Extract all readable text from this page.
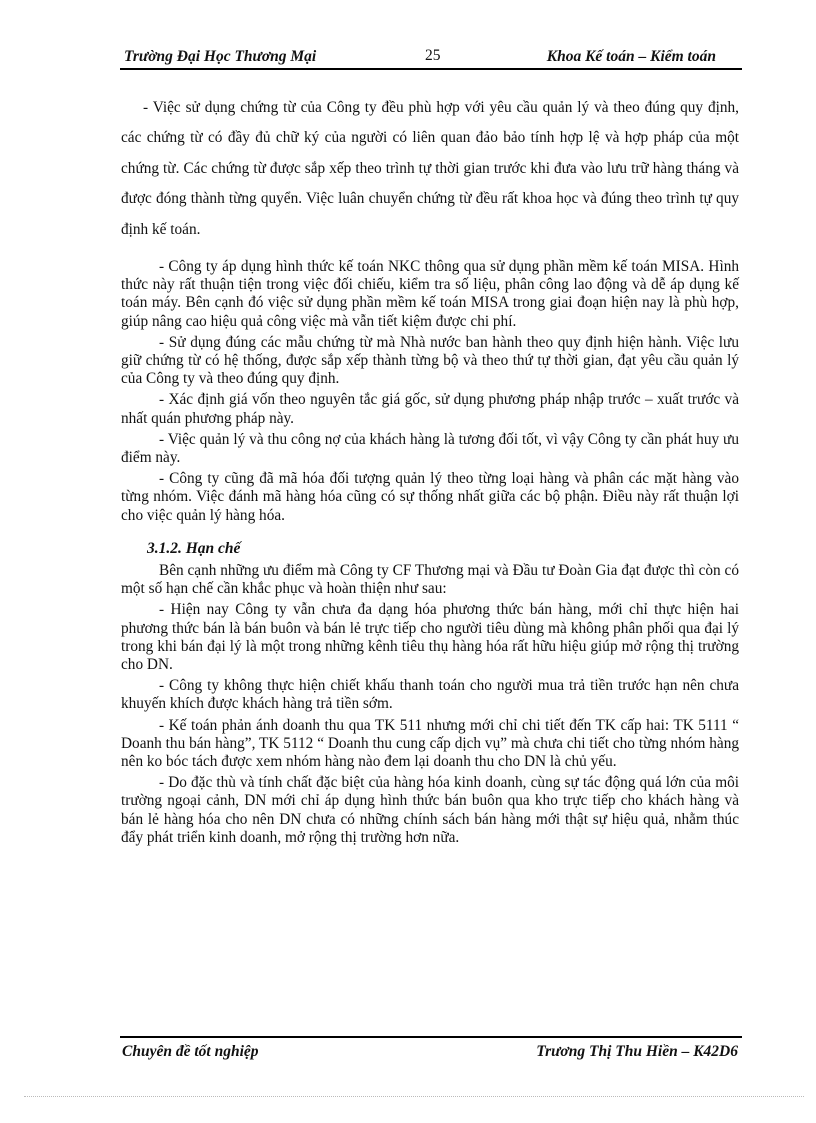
Trường Đại Học Thương Mại	25	Khoa Kế toán – Kiểm toán

- Việc sử dụng chứng từ của Công ty đều phù hợp với yêu cầu quản lý và theo đúng quy định, các chứng từ có đầy đủ chữ ký của người có liên quan đảo bảo tính hợp lệ và hợp pháp của một chứng từ. Các chứng từ được sắp xếp theo trình tự thời gian trước khi đưa vào lưu trữ hàng tháng và được đóng thành từng quyển. Việc luân chuyển chứng từ đều rất khoa học và đúng theo trình tự quy định kế toán.

- Công ty áp dụng hình thức kế toán NKC thông qua sử dụng phần mềm kế toán MISA. Hình thức này rất thuận tiện trong việc đối chiếu, kiểm tra số liệu, phân công lao động và dễ áp dụng kế toán máy. Bên cạnh đó việc sử dụng phần mềm kế toán MISA trong giai đoạn hiện nay là phù hợp, giúp nâng cao hiệu quả công việc mà vẫn tiết kiệm được chi phí.

- Sử dụng đúng các mẫu chứng từ mà Nhà nước ban hành theo quy định hiện hành. Việc lưu giữ chứng từ có hệ thống, được sắp xếp thành từng bộ và theo thứ tự thời gian, đạt yêu cầu quản lý của Công ty và theo đúng quy định.

- Xác định giá vốn theo nguyên tắc giá gốc, sử dụng phương pháp nhập trước – xuất trước và nhất quán phương pháp này.

- Việc quản lý và thu công nợ của khách hàng là tương đối tốt, vì vậy Công ty cần phát huy ưu điểm này.

- Công ty cũng đã mã hóa đối tượng quản lý theo từng loại hàng và phân các mặt hàng vào từng nhóm. Việc đánh mã hàng hóa cũng có sự thống nhất giữa các bộ phận. Điều này rất thuận lợi cho việc quản lý hàng hóa.

3.1.2. Hạn chế

Bên cạnh những ưu điểm mà Công ty CF Thương mại và Đầu tư Đoàn Gia đạt được thì còn có một số hạn chế cần khắc phục và hoàn thiện như sau:

- Hiện nay Công ty vẫn chưa đa dạng hóa phương thức bán hàng, mới chỉ thực hiện hai phương thức bán là bán buôn và bán lẻ trực tiếp cho người tiêu dùng mà không phân phối qua đại lý trong khi bán đại lý là một trong những kênh tiêu thụ hàng hóa rất hữu hiệu giúp mở rộng thị trường cho DN.

- Công ty không thực hiện chiết khấu thanh toán cho người mua trả tiền trước hạn nên chưa khuyến khích được khách hàng trả tiền sớm.

- Kế toán phản ánh doanh thu qua TK 511 nhưng mới chỉ chi tiết đến TK cấp hai: TK 5111 “ Doanh thu bán hàng”, TK 5112 “ Doanh thu cung cấp dịch vụ” mà chưa chi tiết cho từng nhóm hàng nên ko bóc tách được xem nhóm hàng nào đem lại doanh thu cho DN là chủ yếu.

- Do đặc thù và tính chất đặc biệt của hàng hóa kinh doanh, cùng sự tác động quá lớn của môi trường ngoại cảnh, DN mới chỉ áp dụng hình thức bán buôn qua kho trực tiếp cho khách hàng và bán lẻ hàng hóa cho nên DN chưa có những chính sách bán hàng mới thật sự hiệu quả, nhằm thúc đẩy phát triển kinh doanh, mở rộng thị trường hơn nữa.

Chuyên đề tốt nghiệp	Trương Thị Thu Hiền – K42D6
